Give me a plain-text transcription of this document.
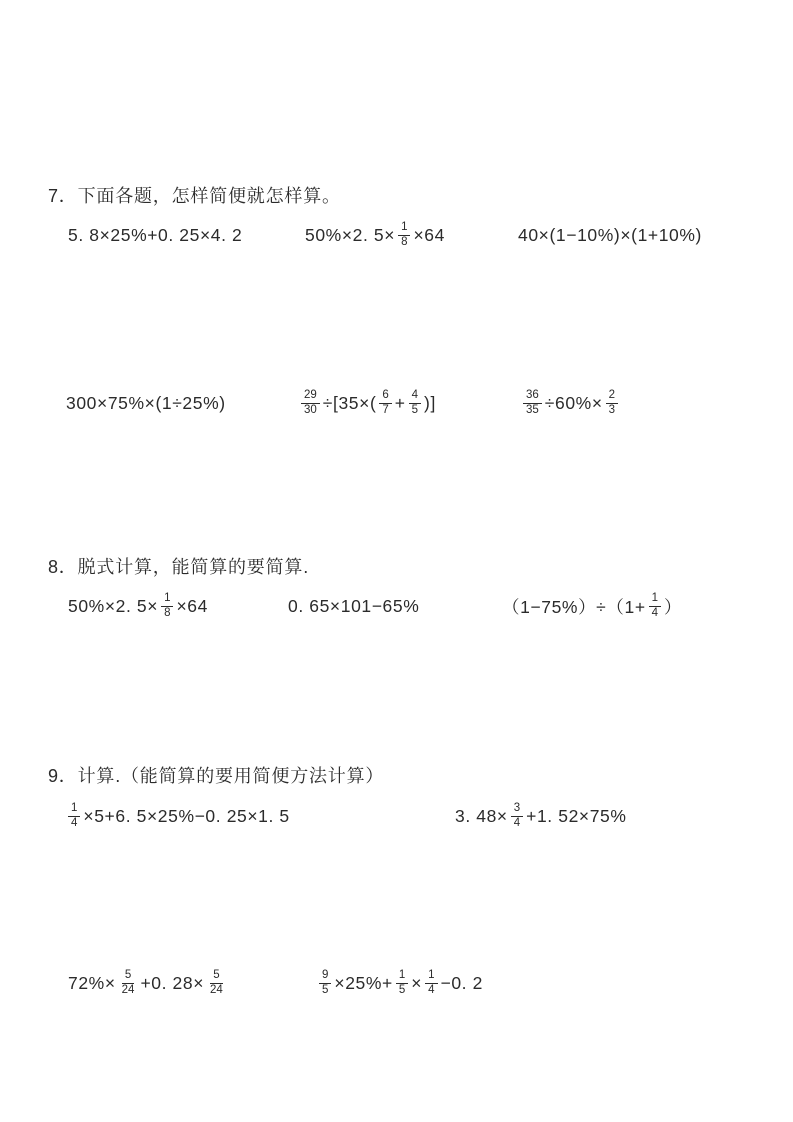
7．下面各题，怎样简便就怎样算。
5. 8×25%+0. 25×4. 2	50%×2. $5\times \frac{1}{8} \times 64$	40×(1−10%)×(1+10%)
300×75%×(1÷25%)	$\frac{29}{30} \div[35\times( \frac{6}{7} + \frac{4}{5}$ )]	$\frac{36}{35} \div 60\%\times \frac{2}{3}$
8．脱式计算，能简算的要简算.
50%×2. $5\times \frac{1}{8} \times 64$	0. 65×101−65%	$(1-75\%)\div(1+ \frac{1}{4}$ ）
9．计算.（能简算的要用简便方法计算）
$\frac{1}{4} \times 5+6$. 5×25%−0. 25×1. 5	3. $48\times \frac{3}{4} +1$. 52×75%
$72\%\times \frac{5}{24} +0$. $28\times \frac{5}{24}$	$\frac{9}{5} \times 25\%+ \frac{1}{5} \times \frac{1}{4} -0$. 2
